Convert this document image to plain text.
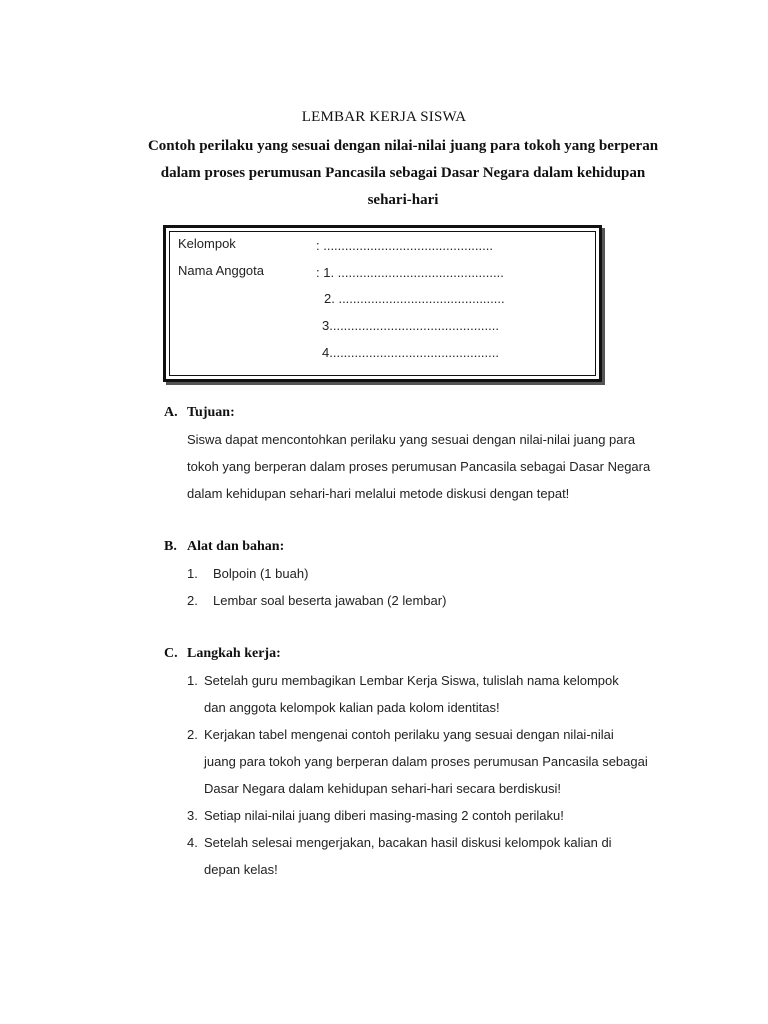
LEMBAR KERJA SISWA
Contoh perilaku yang sesuai dengan nilai-nilai juang para tokoh yang berperan
dalam proses perumusan Pancasila sebagai Dasar Negara dalam kehidupan
sehari-hari
Kelompok	: ...............................................
Nama Anggota	: 1. ..............................................
2. ..............................................
3...............................................
4...............................................
A. Tujuan:
Siswa dapat mencontohkan perilaku yang sesuai dengan nilai-nilai juang para
tokoh yang berperan dalam proses perumusan Pancasila sebagai Dasar Negara
dalam kehidupan sehari-hari melalui metode diskusi dengan tepat!
B. Alat dan bahan:
1. Bolpoin (1 buah)
2. Lembar soal beserta jawaban (2 lembar)
C. Langkah kerja:
1. Setelah guru membagikan Lembar Kerja Siswa, tulislah nama kelompok
dan anggota kelompok kalian pada kolom identitas!
2. Kerjakan tabel mengenai contoh perilaku yang sesuai dengan nilai-nilai
juang para tokoh yang berperan dalam proses perumusan Pancasila sebagai
Dasar Negara dalam kehidupan sehari-hari secara berdiskusi!
3. Setiap nilai-nilai juang diberi masing-masing 2 contoh perilaku!
4. Setelah selesai mengerjakan, bacakan hasil diskusi kelompok kalian di
depan kelas!
